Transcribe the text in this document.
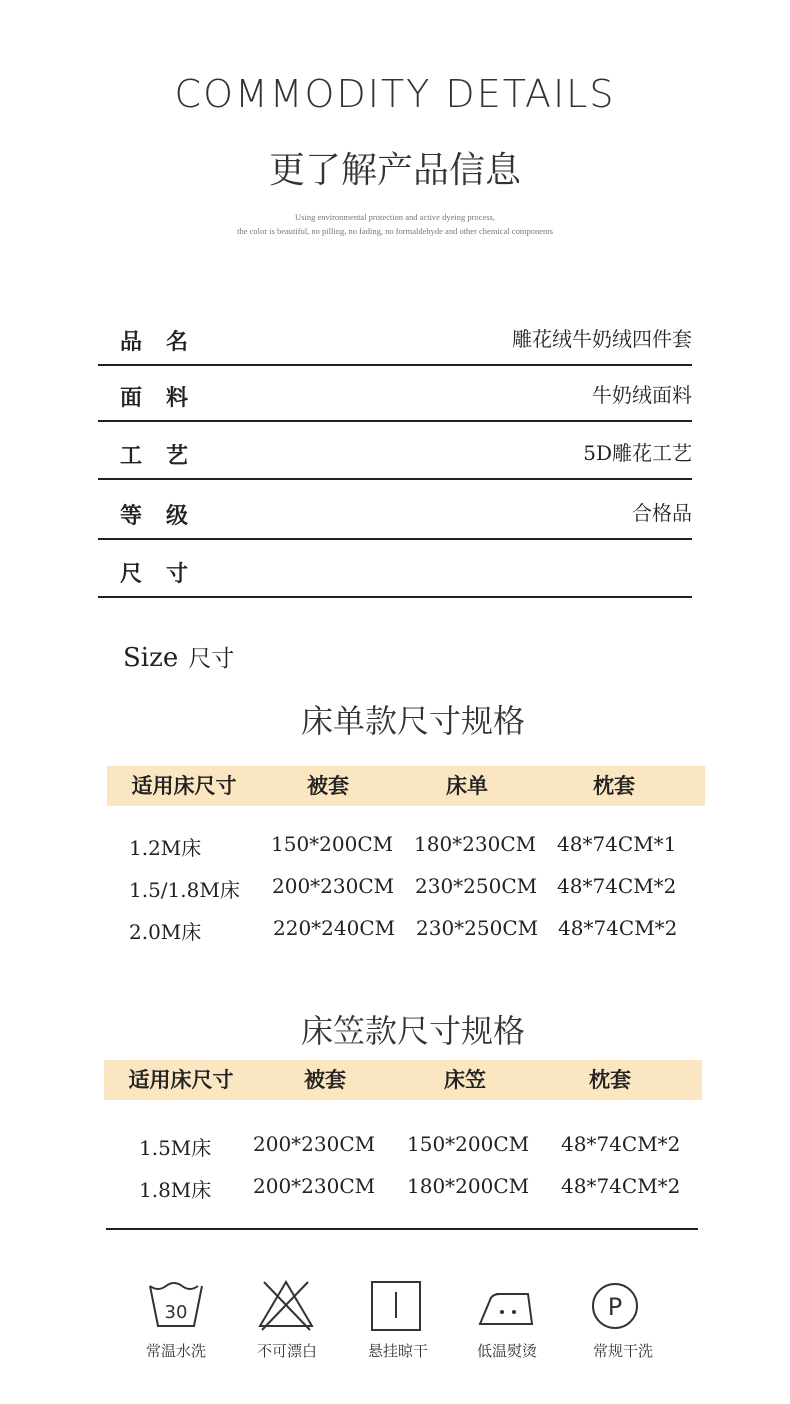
COMMODITY DETAILS
更了解产品信息
Using environmental protection and active dyeing process,
the color is beautiful, no pilling, no fading, no formaldehyde and other chemical components
品名	雕花绒牛奶绒四件套
面料	牛奶绒面料
工艺	5D雕花工艺
等级	合格品
尺寸
Size 尺寸
床单款尺寸规格
适用床尺寸	被套	床单	枕套
1.2M床	150*200CM 180*230CM 48*74CM*1
1.5/1.8M床 200*230CM 230*250CM 48*74CM*2
2.0M床	220*240CM 230*250CM 48*74CM*2
床笠款尺寸规格
适用床尺寸	被套	床笠	枕套
1.5M床 200*230CM 150*200CM 48*74CM*2
1.8M床 200*230CM 180*200CM 48*74CM*2
30
常温水洗	不可漂白	悬挂晾干	低温熨烫
P
常规干洗
